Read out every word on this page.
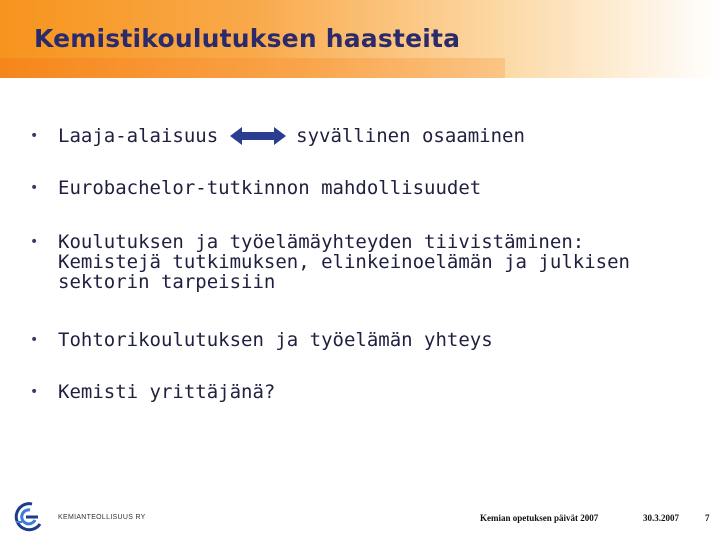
Kemistikoulutuksen haasteita
•	Laaja-alaisuus	syvällinen osaaminen
•	Eurobachelor-tutkinnon mahdollisuudet
•	Koulutuksen ja työelämäyhteyden tiivistäminen:
Kemistejä tutkimuksen, elinkeinoelämän ja julkisen
sektorin tarpeisiin
•	Tohtorikoulutuksen ja työelämän yhteys
•	Kemisti yrittäjänä?
KEMIANTEOLLISUUS RY	Kemian opetuksen päivät 2007	30.3.2007	7
